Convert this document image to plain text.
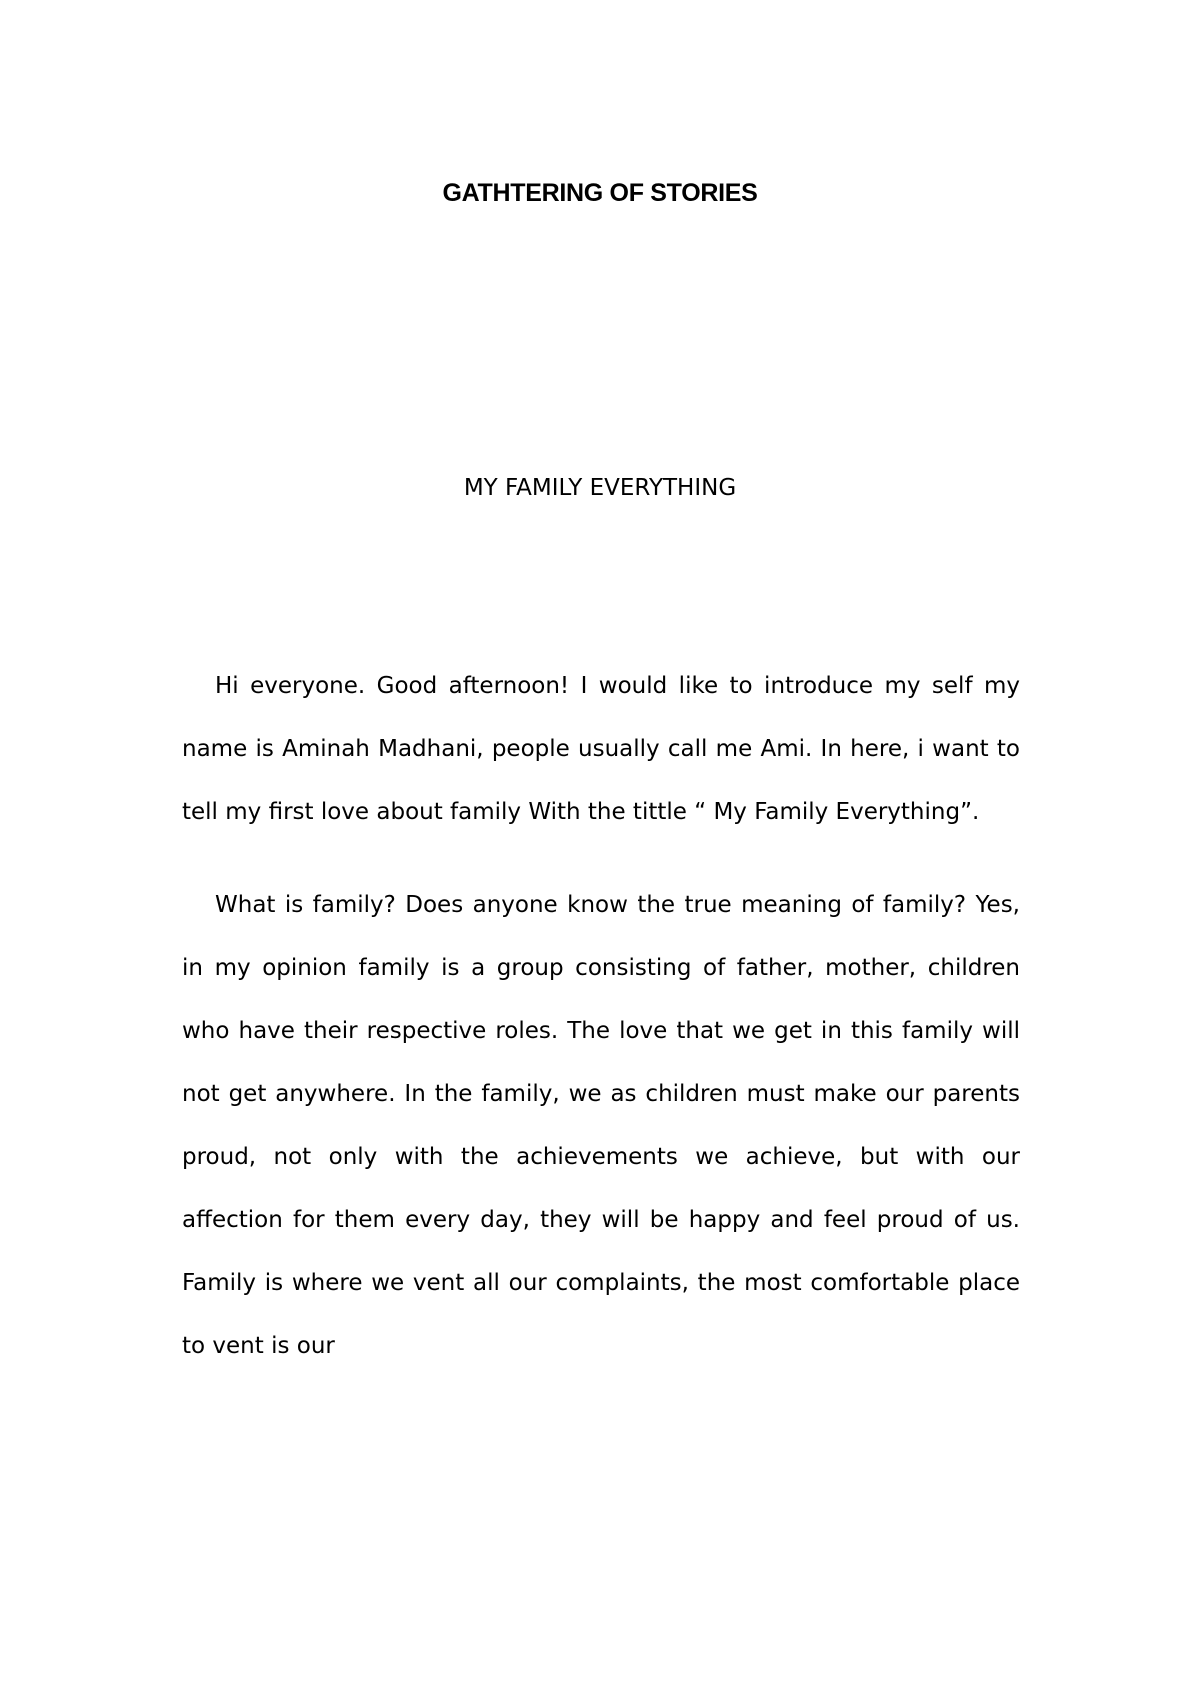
GATHTERING OF STORIES
MY FAMILY EVERYTHING

Hi everyone. Good afternoon! I would like to introduce my self my name is Aminah Madhani, people usually call me Ami. In here, i want to tell my first love about family With the tittle “ My Family Everything”.

What is family? Does anyone know the true meaning of family? Yes, in my opinion family is a group consisting of father, mother, children who have their respective roles. The love that we get in this family will not get anywhere. In the family, we as children must make our parents proud, not only with the achievements we achieve, but with our affection for them every day, they will be happy and feel proud of us. Family is where we vent all our complaints, the most comfortable place to vent is our
